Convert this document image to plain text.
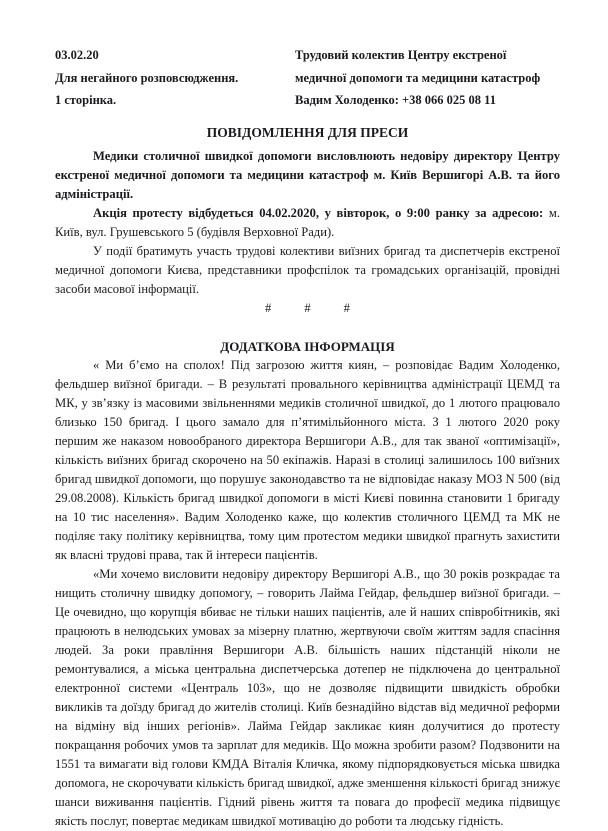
03.02.20
Для негайного розповсюдження.
1 сторінка.
Трудовий колектив Центру екстреної
медичної допомоги та медицини катастроф
Вадим Холоденко: +38 066 025 08 11
ПОВІДОМЛЕННЯ ДЛЯ ПРЕСИ

Медики столичної швидкої допомоги висловлюють недовіру директору Центру екстреної медичної допомоги та медицини катастроф м. Київ Вершигорі А.В. та його адміністрації.

Акція протесту відбудеться 04.02.2020, у вівторок, о 9:00 ранку за адресою: м. Київ, вул. Грушевського 5 (будівля Верховної Ради).

У події братимуть участь трудові колективи виїзних бригад та диспетчерів екстреної медичної допомоги Києва, представники профспілок та громадських організацій, провідні засоби масової інформації.

#	#	#
ДОДАТКОВА ІНФОРМАЦІЯ

« Ми б’ємо на сполох! Під загрозою життя киян, – розповідає Вадим Холоденко, фельдшер виїзної бригади. – В результаті провального керівництва адміністрації ЦЕМД та МК, у зв’язку із масовими звільненнями медиків столичної швидкої, до 1 лютого працювало близько 150 бригад. І цього замало для п’ятимільйонного міста. З 1 лютого 2020 року першим же наказом новообраного директора Вершигори А.В., для так званої «оптимізації», кількість виїзних бригад скорочено на 50 екіпажів. Наразі в столиці залишилось 100 виїзних бригад швидкої допомоги, що порушує законодавство та не відповідає наказу МОЗ N 500 (від 29.08.2008). Кількість бригад швидкої допомоги в місті Києві повинна становити 1 бригаду на 10 тис населення». Вадим Холоденко каже, що колектив столичного ЦЕМД та МК не поділяє таку політику керівництва, тому цим протестом медики швидкої прагнуть захистити як власні трудові права, так й інтереси пацієнтів.

«Ми хочемо висловити недовіру директору Вершигорі А.В., що 30 років розкрадає та нищить столичну швидку допомогу, – говорить Лайма Гейдар, фельдшер виїзної бригади. – Це очевидно, що корупція вбиває не тільки наших пацієнтів, але й наших співробітників, які працюють в нелюдських умовах за мізерну платню, жертвуючи своїм життям задля спасіння людей. За роки правління Вершигори А.В. більшість наших підстанцій ніколи не ремонтувалися, а міська центральна диспетчерська дотепер не підключена до центральної електронної системи «Централь 103», що не дозволяє підвищити швидкість обробки викликів та доїзду бригад до жителів столиці. Київ безнадійно відстав від медичної реформи на відміну від інших регіонів». Лайма Гейдар закликає киян долучитися до протесту покращання робочих умов та зарплат для медиків. Що можна зробити разом? Подзвонити на 1551 та вимагати від голови КМДА Віталія Кличка, якому підпорядковується міська швидка допомога, не скорочувати кількість бригад швидкої, адже зменшення кількості бригад знижує шанси виживання пацієнтів. Гідний рівень життя та повага до професії медика підвищує якість послуг, повертає медикам швидкої мотивацію до роботи та людську гідність.
